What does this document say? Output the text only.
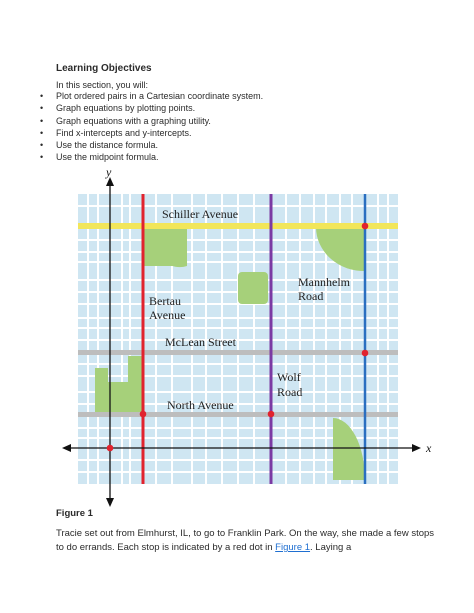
Learning Objectives
In this section, you will:
• Plot ordered pairs in a Cartesian coordinate system.
• Graph equations by plotting points.
• Graph equations with a graphing utility.
• Find x-intercepts and y-intercepts.
• Use the distance formula.
• Use the midpoint formula.
x
y
Schiller Avenue
Bertau
Avenue
Mannhelm
Road
McLean Street
Wolf
Road
North Avenue
Figure 1
Tracie set out from Elmhurst, IL, to go to Franklin Park. On the way, she made a few stops to do errands. Each stop is indicated by a red dot in Figure 1. Laying a
